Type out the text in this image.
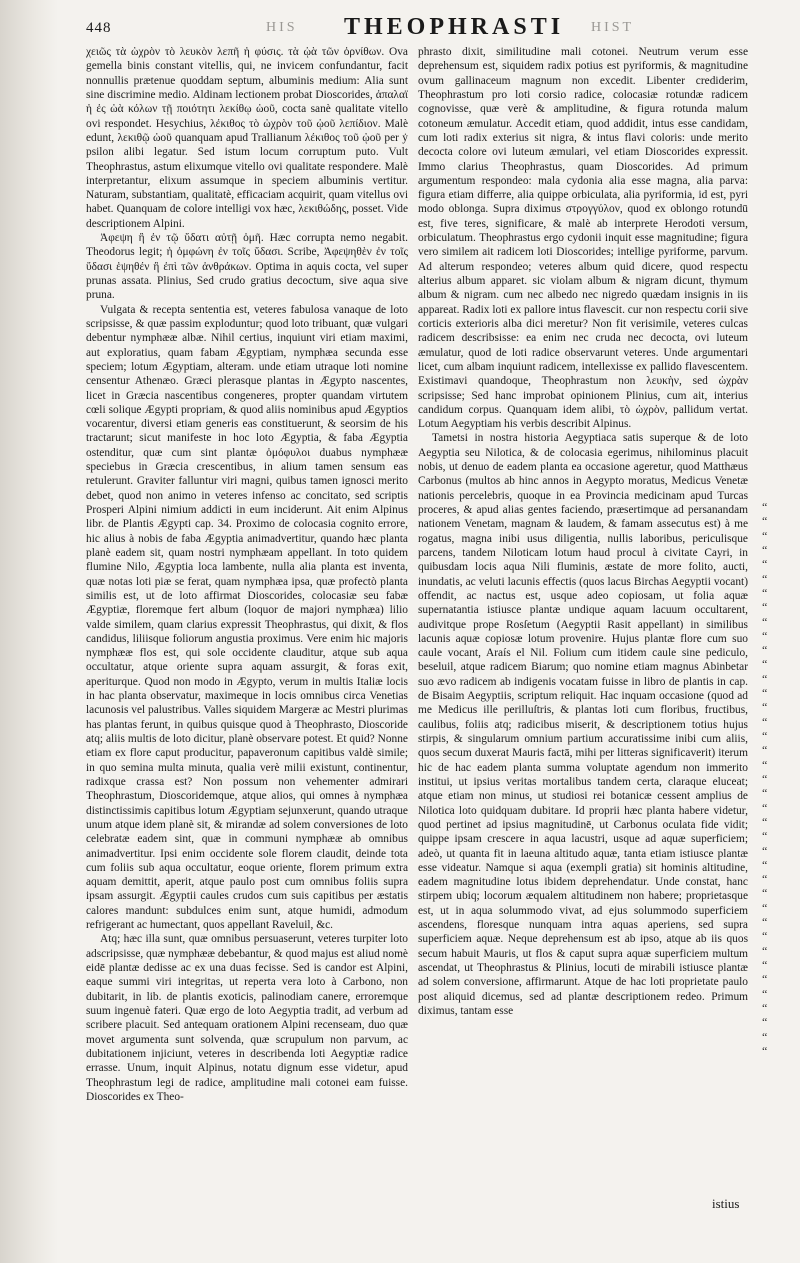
448	HIS THEOPHRASTI HIST

χειῶς τὰ ὡχρὸν τὸ λευκὸν λεπῆ ἡ φύσις. τὰ ᾠὰ τῶν ὀρνίθων. Ova gemella binis constant vitellis, qui, ne invicem confundantur, facit nonnullis prætenue quoddam septum, albuminis medium: Alia sunt sine discrimine medio. Aldinam lectionem probat Dioscorides, ἀπαλαϊ ἡ ἐς ὠὰ κόλων τῇ ποιότητι λεκίθῳ ὠοῦ, cocta sanè qualitate vitello ovi respondet. Hesychius, λέκιθος τὸ ὠχρὸν τοῦ ᾠοῦ λεπίδιον. Malè edunt, λεκιθῷ ὠοῦ quanquam apud Trallianum λέκιθος τοῦ ᾠοῦ per ẏ psilon alibi legatur. Sed istum locum corruptum puto. Vult Theophrastus, astum elixumque vitello ovi qualitate respondere. Malè interpretantur, elixum assumque in speciem albuminis vertitur. Naturam, substantiam, qualitatè, efficaciam acquirit, quam vitellus ovi habet. Quanquam de colore intelligi vox hæc, λεκιθώδης, posset. Vide descriptionem Alpini.

Ἀφεψη ἢ ἐν τῷ ὕδατι αὐτῇ ὀμῆ. Hæc corrupta nemo negabit. Theodorus legit; ἡ ὀμφώνη ἐν τοῖς ὕδασι. Scribe, Ἀφεψηθὲν ἐν τοῖς ὕδασι ἑψηθέν ἢ ἐπὶ τῶν ἀνθράκων. Optima in aquis cocta, vel super prunas assata. Plinius, Sed crudo gratius decoctum, sive aqua sive pruna.

Vulgata & recepta sententia est, veteres fabulosa vanaque de loto scripsisse, & quæ passim exploduntur; quod loto tribuant, quæ vulgari debentur nymphææ albæ. Nihil certius, inquiunt viri etiam maximi, aut exploratius, quam fabam Ægyptiam, nymphæa secunda esse speciem; lotum Ægyptiam, alteram. unde etiam utraque loti nomine censentur Athenæo. Græci plerasque plantas in Ægypto nascentes, licet in Græcia nascentibus congeneres, propter quandam virtutem cœli solique Ægypti propriam, & quod aliis nominibus apud Ægyptios vocarentur, diversi etiam generis eas constituerunt, & seorsim de his tractarunt; sicut manifeste in hoc loto Ægyptia, & faba Ægyptia ostenditur, quæ cum sint plantæ ὁμόφυλοι duabus nymphææ speciebus in Græcia crescentibus, in alium tamen sensum eas retulerunt. Graviter falluntur viri magni, quibus tamen ignosci merito debet, quod non animo in veteres infenso ac concitato, sed scriptis Prosperi Alpini nimium addicti in eum inciderunt. Ait enim Alpinus libr. de Plantis Ægypti cap. 34. Proximo de colocasia cognito errore, hic alius à nobis de faba Ægyptia animadvertitur, quando hæc planta planè eadem sit, quam nostri nymphæam appellant. In toto quidem flumine Nilo, Ægyptia loca lambente, nulla alia planta est inventa, quæ notas loti piæ se ferat, quam nymphæa ipsa, quæ profectò planta similis est, ut de loto affirmat Dioscorides, colocasiæ seu fabæ Ægyptiæ, floremque fert album (loquor de majori nymphæa) lilio valde similem, quam clarius expressit Theophrastus, qui dixit, & flos candidus, liliisque foliorum angustia proximus. Vere enim hic majoris nymphææ flos est, qui sole occidente clauditur, atque sub aqua occultatur, atque oriente supra aquam assurgit, & foras exit, aperiturque. Quod non modo in Ægypto, verum in multis Italiæ locis in hac planta observatur, maximeque in locis omnibus circa Venetias lacunosis vel palustribus. Valles siquidem Margeræ ac Mestri plurimas has plantas ferunt, in quibus quisque quod à Theophrasto, Dioscoride atq; aliis multis de loto dicitur, planè observare potest. Et quid? Nonne etiam ex flore caput producitur, papaveronum capitibus valdè simile; in quo semina multa minuta, qualia verè milii existunt, continentur, radixque crassa est? Non possum non vehementer admirari Theophrastum, Dioscoridemque, atque alios, qui omnes à nymphæa distinctissimis capitibus lotum Ægyptiam sejunxerunt, quando utraque unum atque idem planè sit, & mirandæ ad solem conversiones de loto celebratæ eadem sint, quæ in communi nymphææ ab omnibus animadvertitur. Ipsi enim occidente sole florem claudit, deinde tota cum foliis sub aqua occultatur, eoque oriente, florem primum extra aquam demittit, aperit, atque paulo post cum omnibus foliis supra ipsam assurgit. Ægyptii caules crudos cum suis capitibus per æstatis calores mandunt: subdulces enim sunt, atque humidi, admodum refrigerant ac humectant, quos appellant Raveluil, &c.

Atq; hæc illa sunt, quæ omnibus persuaserunt, veteres turpiter loto adscripsisse, quæ nymphææ debebantur, & quod majus est aliud nomè eidē plantæ dedisse ac ex una duas fecisse. Sed is candor est Alpini, eaque summi viri integritas, ut reperta vera loto à Carbono, non dubitarit, in lib. de plantis exoticis, palinodiam canere, erroremque suum ingenuè fateri. Quæ ergo de loto Aegyptia tradit, ad verbum ad scribere placuit. Sed antequam orationem Alpini recenseam, duo quæ movet argumenta sunt solvenda, quæ scrupulum non parvum, ac dubitationem injiciunt, veteres in describenda loti Aegyptiæ radice errasse. Unum, inquit Alpinus, notatu dignum esse videtur, apud Theophrastum legi de radice, amplitudine mali cotonei eam fuisse. Dioscorides ex Theo-

phrasto dixit, similitudine mali cotonei. Neutrum verum esse deprehensum est, siquidem radix potius est pyriformis, & magnitudine ovum gallinaceum magnum non excedit. Libenter crediderim, Theophrastum pro loti corsio radice, colocasiæ rotundæ radicem cognovisse, quæ verè & amplitudine, & figura rotunda malum cotoneum æmulatur. Accedit etiam, quod addidit, intus esse candidam, cum loti radix exterius sit nigra, & intus flavi coloris: unde merito decocta colore ovi luteum æmulari, vel etiam Dioscorides expressit. Immo clarius Theophrastus, quam Dioscorides. Ad primum argumentum respondeo: mala cydonia alia esse magna, alia parva: figura etiam differre, alia quippe orbiculata, alia pyriformia, id est, pyri modo oblonga. Supra diximus στρογγύλον, quod ex oblongo rotundū est, five teres, significare, & malè ab interprete Herodoti versum, orbiculatum. Theophrastus ergo cydonii inquit esse magnitudine; figura vero similem ait radicem loti Dioscorides; intellige pyriforme, parvum. Ad alterum respondeo; veteres album quid dicere, quod respectu alterius album apparet. sic violam album & nigram dicunt, thymum album & nigram. cum nec albedo nec nigredo quædam insignis in iis appareat. Radix loti ex pallore intus flavescit. cur non respectu corii sive corticis exterioris alba dici meretur? Non fit verisimile, veteres culcas radicem describsisse: ea enim nec cruda nec decocta, ovi luteum æmulatur, quod de loti radice observarunt veteres. Unde argumentari licet, cum albam inquiunt radicem, intellexisse ex pallido flavescentem. Existimavi quandoque, Theophrastum non λευκὴν, sed ὠχρὰν scripsisse; Sed hanc improbat opinionem Plinius, cum ait, interius candidum corpus. Quanquam idem alibi, τὸ ὠχρὸν, pallidum vertat. Lotum Aegyptiam his verbis describit Alpinus.

Tametsi in nostra historia Aegyptiaca satis superque & de loto Aegyptia seu Nilotica, & de colocasia egerimus, nihilominus placuit nobis, ut denuo de eadem planta ea occasione ageretur, quod Matthæus Carbonus (multos ab hinc annos in Aegypto moratus, Medicus Venetæ nationis percelebris, quoque in ea Provincia medicinam apud Turcas proceres, & apud alias gentes faciendo, præsertimque ad persanandam nationem Venetam, magnam & laudem, & famam assecutus est) à me rogatus, magna inibi usus diligentia, nullis laboribus, periculisque parcens, tandem Niloticam lotum haud procul à civitate Cayri, in quibusdam locis aqua Nili fluminis, æstate de more folito, aucti, inundatis, ac veluti lacunis effectis (quos lacus Birchas Aegyptii vocant) offendit, ac nactus est, usque adeo copiosam, ut folia aquæ supernatantia istiusce plantæ undique aquam lacuum occultarent, audivitque prope Rosſetum (Aegyptii Rasit appellant) in similibus lacunis aquæ copiosæ lotum provenire. Hujus plantæ flore cum suo caule vocant, Araís el Nil. Folium cum itidem caule sine pediculo, beseluil, atque radicem Biarum; quo nomine etiam magnus Abinbetar suo ævo radicem ab indigenis vocatam fuisse in libro de plantis in cap. de Bisaim Aegyptiis, scriptum reliquit. Hac inquam occasione (quod ad me Medicus ille perilluſtris, & plantas loti cum floribus, fructibus, caulibus, foliis atq; radicibus miserit, & descriptionem totius hujus stirpis, & singularum omnium partium accuratissime inibi cum aliis, quos secum duxerat Mauris factā, mihi per litteras significaverit) iterum hic de hac eadem planta summa voluptate agendum non immerito institui, ut ipsius veritas mortalibus tandem certa, claraque eluceat; atque etiam non minus, ut studiosi rei botanicæ cessent amplius de Nilotica loto quidquam dubitare. Id proprii hæc planta habere videtur, quod pertinet ad ipsius magnitudinē, ut Carbonus oculata fide vidit; quippe ipsam crescere in aqua lacustri, usque ad aquæ superficiem; adeò, ut quanta fit in laeuna altitudo aquæ, tanta etiam istiusce plantæ esse videatur. Namque si aqua (exempli gratia) sit hominis altitudine, eadem magnitudine lotus ibidem deprehendatur. Unde constat, hanc stirpem ubiq; locorum æqualem altitudinem non habere; proprietasque est, ut in aqua solummodo vivat, ad ejus solummodo superficiem ascendens, floresque nunquam intra aquas aperiens, sed supra superficiem aquæ. Neque deprehensum est ab ipso, atque ab iis quos secum habuit Mauris, ut flos & caput supra aquæ superficiem multum ascendat, ut Theophrastus & Plinius, locuti de mirabili istiusce plantæ ad solem conversione, affirmarunt. Atque de hac loti proprietate paulo post aliquid dicemus, sed ad plantæ descriptionem redeo. Primum diximus, tantam esse

“
“
“
“
“
“
“
“
“
“
“
“
“
“
“
“
“
“
“
“
“
“
“
“
“
“
“
“
“
“
“
“
“
“
“
“
“
“
“
istius
